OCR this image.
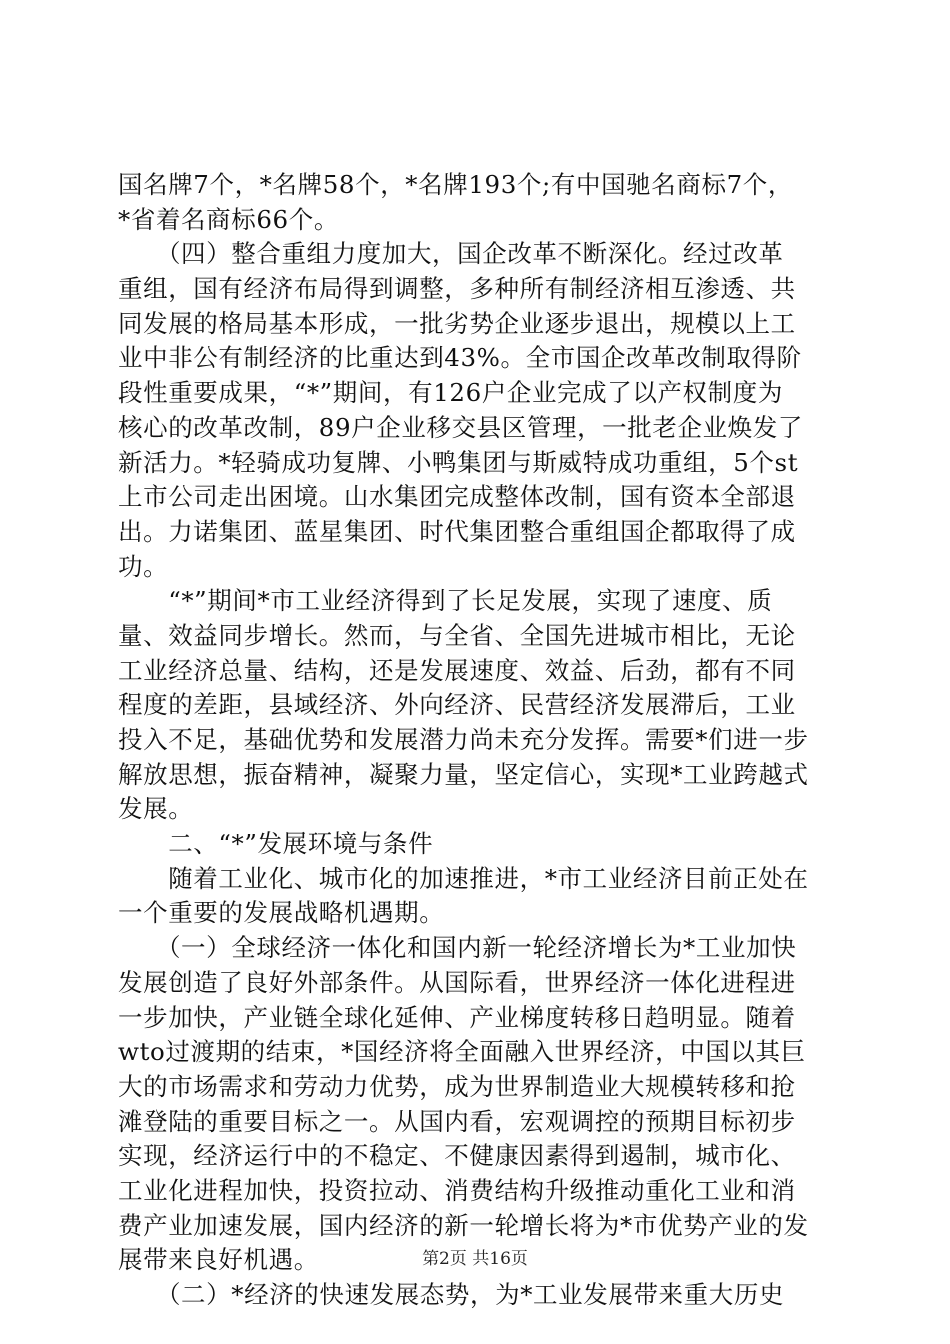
国名牌7个，*名牌58个，*名牌193个;有中国驰名商标7个，
*省着名商标66个。
　　（四）整合重组力度加大，国企改革不断深化。经过改革
重组，国有经济布局得到调整，多种所有制经济相互渗透、共
同发展的格局基本形成，一批劣势企业逐步退出，规模以上工
业中非公有制经济的比重达到43%。全市国企改革改制取得阶
段性重要成果，“*”期间，有126户企业完成了以产权制度为
核心的改革改制，89户企业移交县区管理，一批老企业焕发了
新活力。*轻骑成功复牌、小鸭集团与斯威特成功重组，5个st
上市公司走出困境。山水集团完成整体改制，国有资本全部退
出。力诺集团、蓝星集团、时代集团整合重组国企都取得了成
功。
　　“*”期间*市工业经济得到了长足发展，实现了速度、质
量、效益同步增长。然而，与全省、全国先进城市相比，无论
工业经济总量、结构，还是发展速度、效益、后劲，都有不同
程度的差距，县域经济、外向经济、民营经济发展滞后，工业
投入不足，基础优势和发展潜力尚未充分发挥。需要*们进一步
解放思想，振奋精神，凝聚力量，坚定信心，实现*工业跨越式
发展。
　　二、“*”发展环境与条件
　　随着工业化、城市化的加速推进，*市工业经济目前正处在
一个重要的发展战略机遇期。
　　（一）全球经济一体化和国内新一轮经济增长为*工业加快
发展创造了良好外部条件。从国际看，世界经济一体化进程进
一步加快，产业链全球化延伸、产业梯度转移日趋明显。随着
wto过渡期的结束，*国经济将全面融入世界经济，中国以其巨
大的市场需求和劳动力优势，成为世界制造业大规模转移和抢
滩登陆的重要目标之一。从国内看，宏观调控的预期目标初步
实现，经济运行中的不稳定、不健康因素得到遏制，城市化、
工业化进程加快，投资拉动、消费结构升级推动重化工业和消
费产业加速发展，国内经济的新一轮增长将为*市优势产业的发
展带来良好机遇。
　　（二）*经济的快速发展态势，为*工业发展带来重大历史
第2页 共16页
